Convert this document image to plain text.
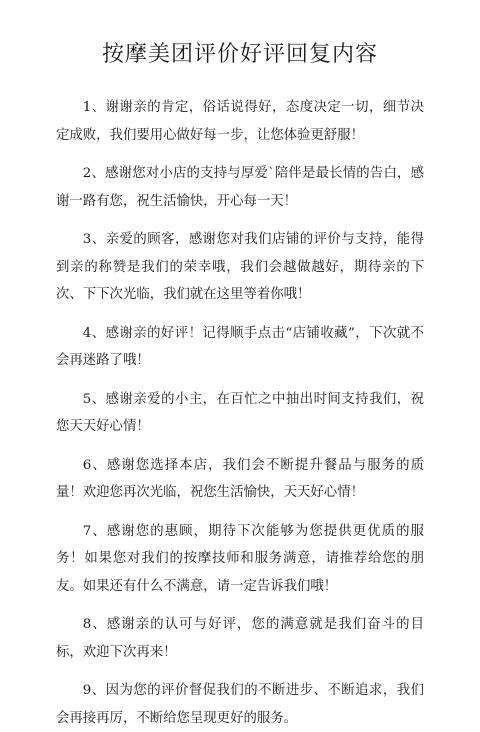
按摩美团评价好评回复内容

1、谢谢亲的肯定，俗话说得好，态度决定一切，细节决定成败，我们要用心做好每一步，让您体验更舒服！

2、感谢您对小店的支持与厚爱`陪伴是最长情的告白，感谢一路有您，祝生活愉快，开心每一天！

3、亲爱的顾客，感谢您对我们店铺的评价与支持，能得到亲的称赞是我们的荣幸哦，我们会越做越好，期待亲的下次、下下次光临，我们就在这里等着你哦！

4、感谢亲的好评！记得顺手点击“店铺收藏”，下次就不会再迷路了哦！

5、感谢亲爱的小主，在百忙之中抽出时间支持我们，祝您天天好心情！

6、感谢您选择本店，我们会不断提升餐品与服务的质量！欢迎您再次光临，祝您生活愉快，天天好心情！

7、感谢您的惠顾，期待下次能够为您提供更优质的服务！如果您对我们的按摩技师和服务满意，请推荐给您的朋友。如果还有什么不满意，请一定告诉我们哦！

8、感谢亲的认可与好评，您的满意就是我们奋斗的目标，欢迎下次再来！

9、因为您的评价督促我们的不断进步、不断追求，我们会再接再厉，不断给您呈现更好的服务。
